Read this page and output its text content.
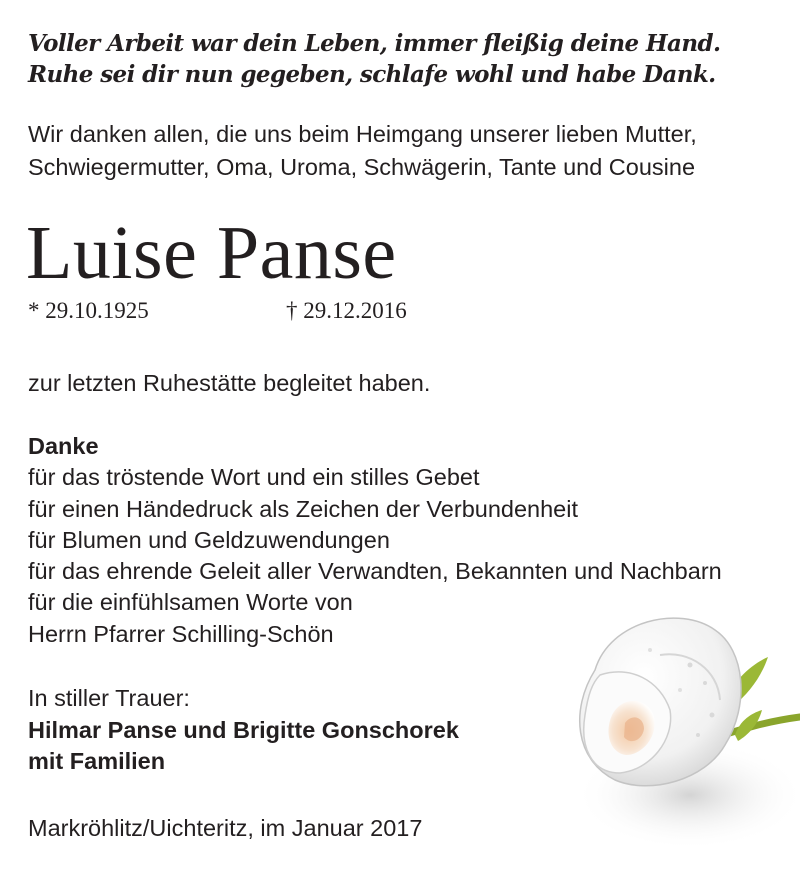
Voller Arbeit war dein Leben, immer fleißig deine Hand.
Ruhe sei dir nun gegeben, schlafe wohl und habe Dank.
Wir danken allen, die uns beim Heimgang unserer lieben Mutter,
Schwiegermutter, Oma, Uroma, Schwägerin, Tante und Cousine
Luise Panse
* 29.10.1925	† 29.12.2016
zur letzten Ruhestätte begleitet haben.
Danke
für das tröstende Wort und ein stilles Gebet
für einen Händedruck als Zeichen der Verbundenheit
für Blumen und Geldzuwendungen
für das ehrende Geleit aller Verwandten, Bekannten und Nachbarn
für die einfühlsamen Worte von
Herrn Pfarrer Schilling-Schön
In stiller Trauer:
Hilmar Panse und Brigitte Gonschorek
mit Familien
Markröhlitz/Uichteritz, im Januar 2017
